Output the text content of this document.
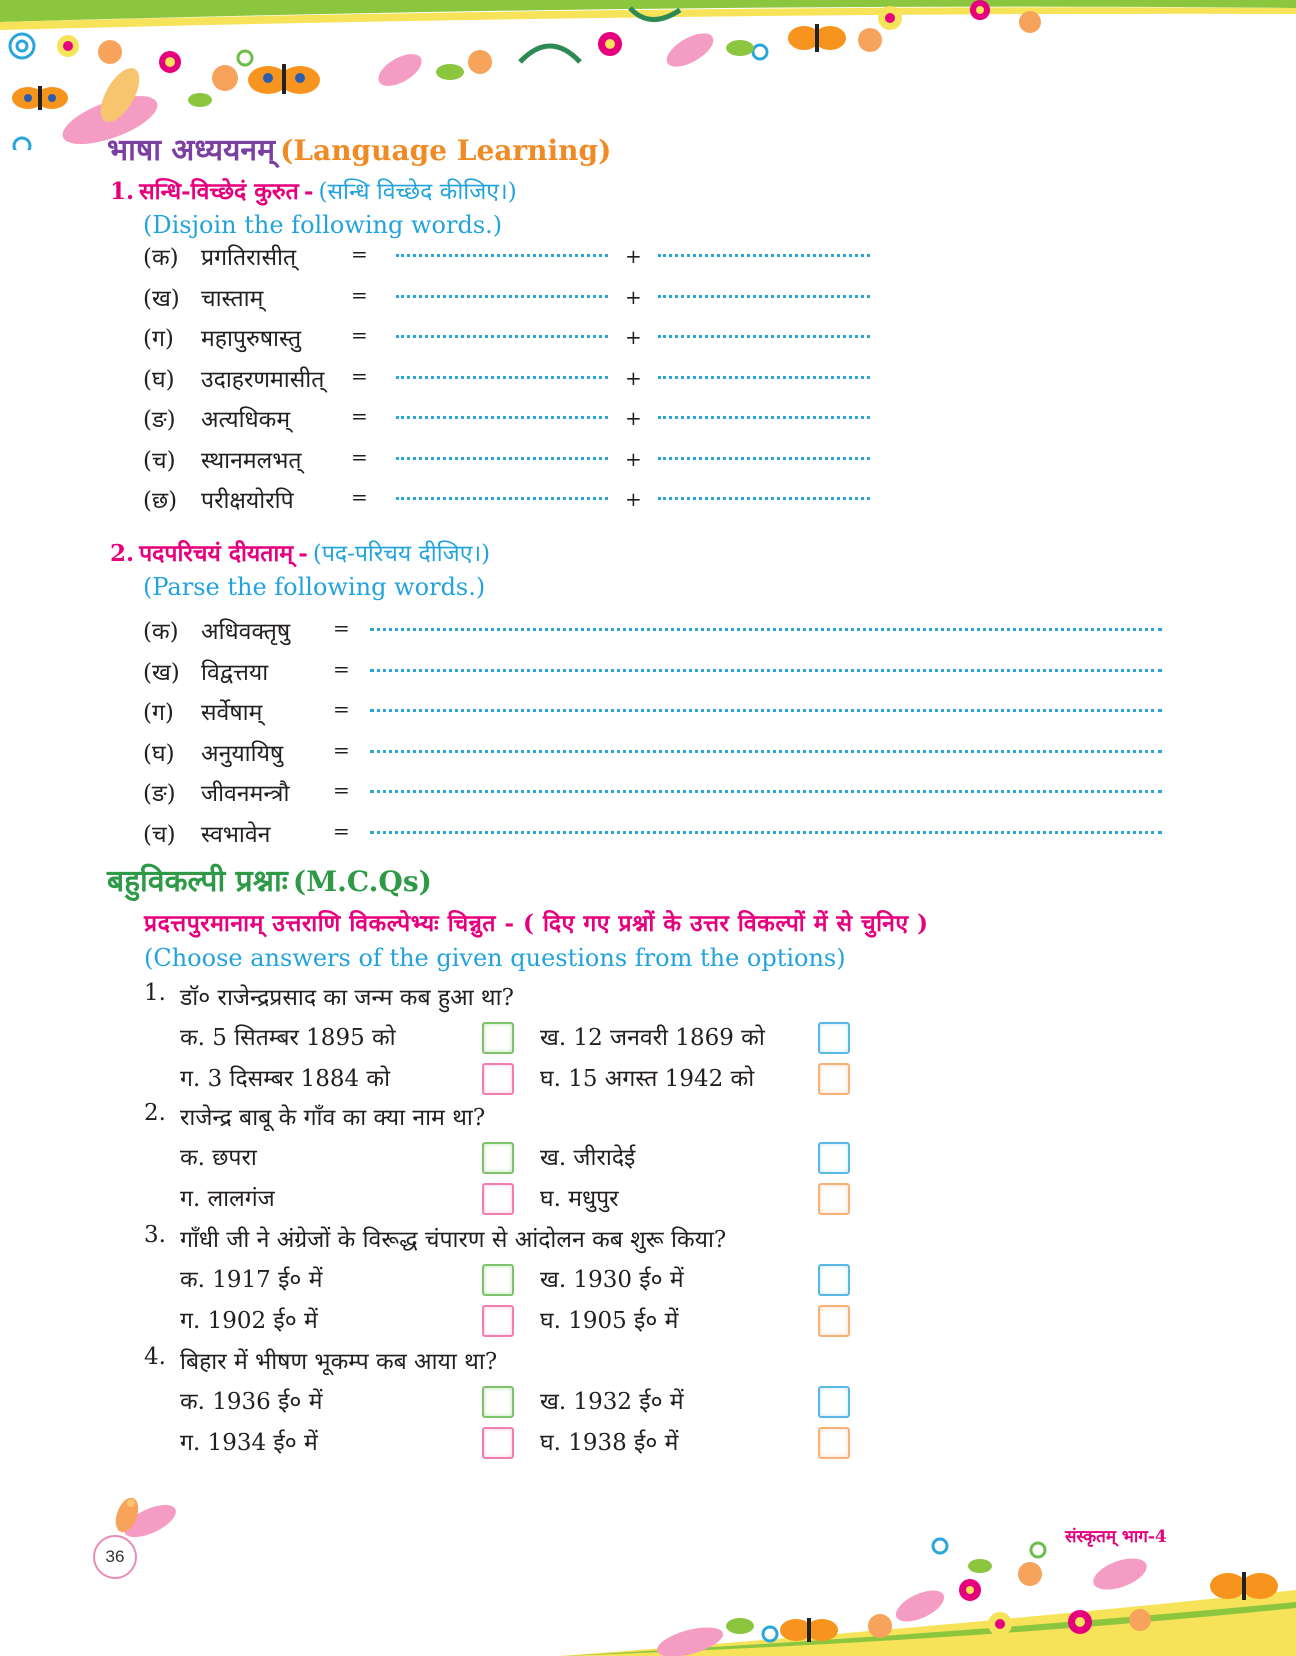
भाषा अध्ययनम् (Language Learning)
1. सन्धि-विच्छेदं कुरुत - (सन्धि विच्छेद कीजिए।)
(Disjoin the following words.)
(क) प्रगतिरासीत्	=	+
(ख) चास्ताम्	=	+
(ग) महापुरुषास्तु =	+
(घ) उदाहरणमासीत् =	+
(ङ) अत्यधिकम्	=	+
(च) स्थानमलभत् =	+
(छ) परीक्षयोरपि	=	+
2. पदपरिचयं दीयताम् - (पद-परिचय दीजिए।)
(Parse the following words.)
(क) अधिवक्तृषु =
(ख) विद्वत्तया	=
(ग) सर्वेषाम्	=
(घ) अनुयायिषु =
(ङ) जीवनमन्त्रौ =
(च) स्वभावेन	=
बहुविकल्पी प्रश्नाः (M.C.Qs)
प्रदत्तपुरमानाम् उत्तराणि विकल्पेभ्यः चिन्नुत - ( दिए गए प्रश्नों के उत्तर विकल्पों में से चुनिए )
(Choose answers of the given questions from the options)
1. डॉ० राजेन्द्रप्रसाद का जन्म कब हुआ था?
क. 5 सितम्बर 1895 को	ख. 12 जनवरी 1869 को
ग. 3 दिसम्बर 1884 को	घ. 15 अगस्त 1942 को
2. राजेन्द्र बाबू के गाँव का क्या नाम था?
क. छपरा	ख. जीरादेई
ग. लालगंज	घ. मधुपुर
3. गाँधी जी ने अंग्रेजों के विरूद्ध चंपारण से आंदोलन कब शुरू किया?
क. 1917 ई० में	ख. 1930 ई० में
ग. 1902 ई० में	घ. 1905 ई० में
4. बिहार में भीषण भूकम्प कब आया था?
क. 1936 ई० में	ख. 1932 ई० में
ग. 1934 ई० में	घ. 1938 ई० में
36
संस्कृतम् भाग-4
